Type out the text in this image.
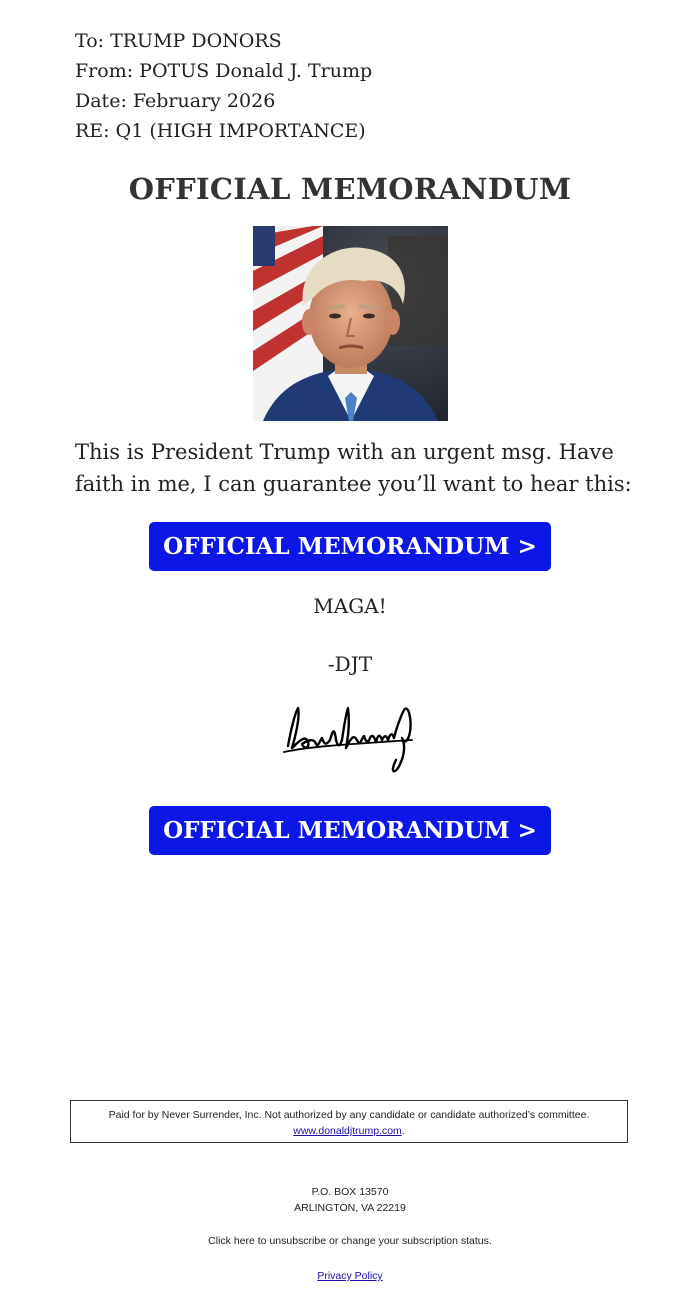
To: TRUMP DONORS
From: POTUS Donald J. Trump
Date: February 2026
RE: Q1 (HIGH IMPORTANCE)
OFFICIAL MEMORANDUM
This is President Trump with an urgent msg. Have faith in me, I can guarantee you’ll want to hear this:
OFFICIAL MEMORANDUM >
MAGA!
-DJT
OFFICIAL MEMORANDUM >
Paid for by Never Surrender, Inc. Not authorized by any candidate or candidate authorized’s committee.
www.donaldjtrump.com.
P.O. BOX 13570
ARLINGTON, VA 22219
Click here to unsubscribe or change your subscription status.
Privacy Policy
